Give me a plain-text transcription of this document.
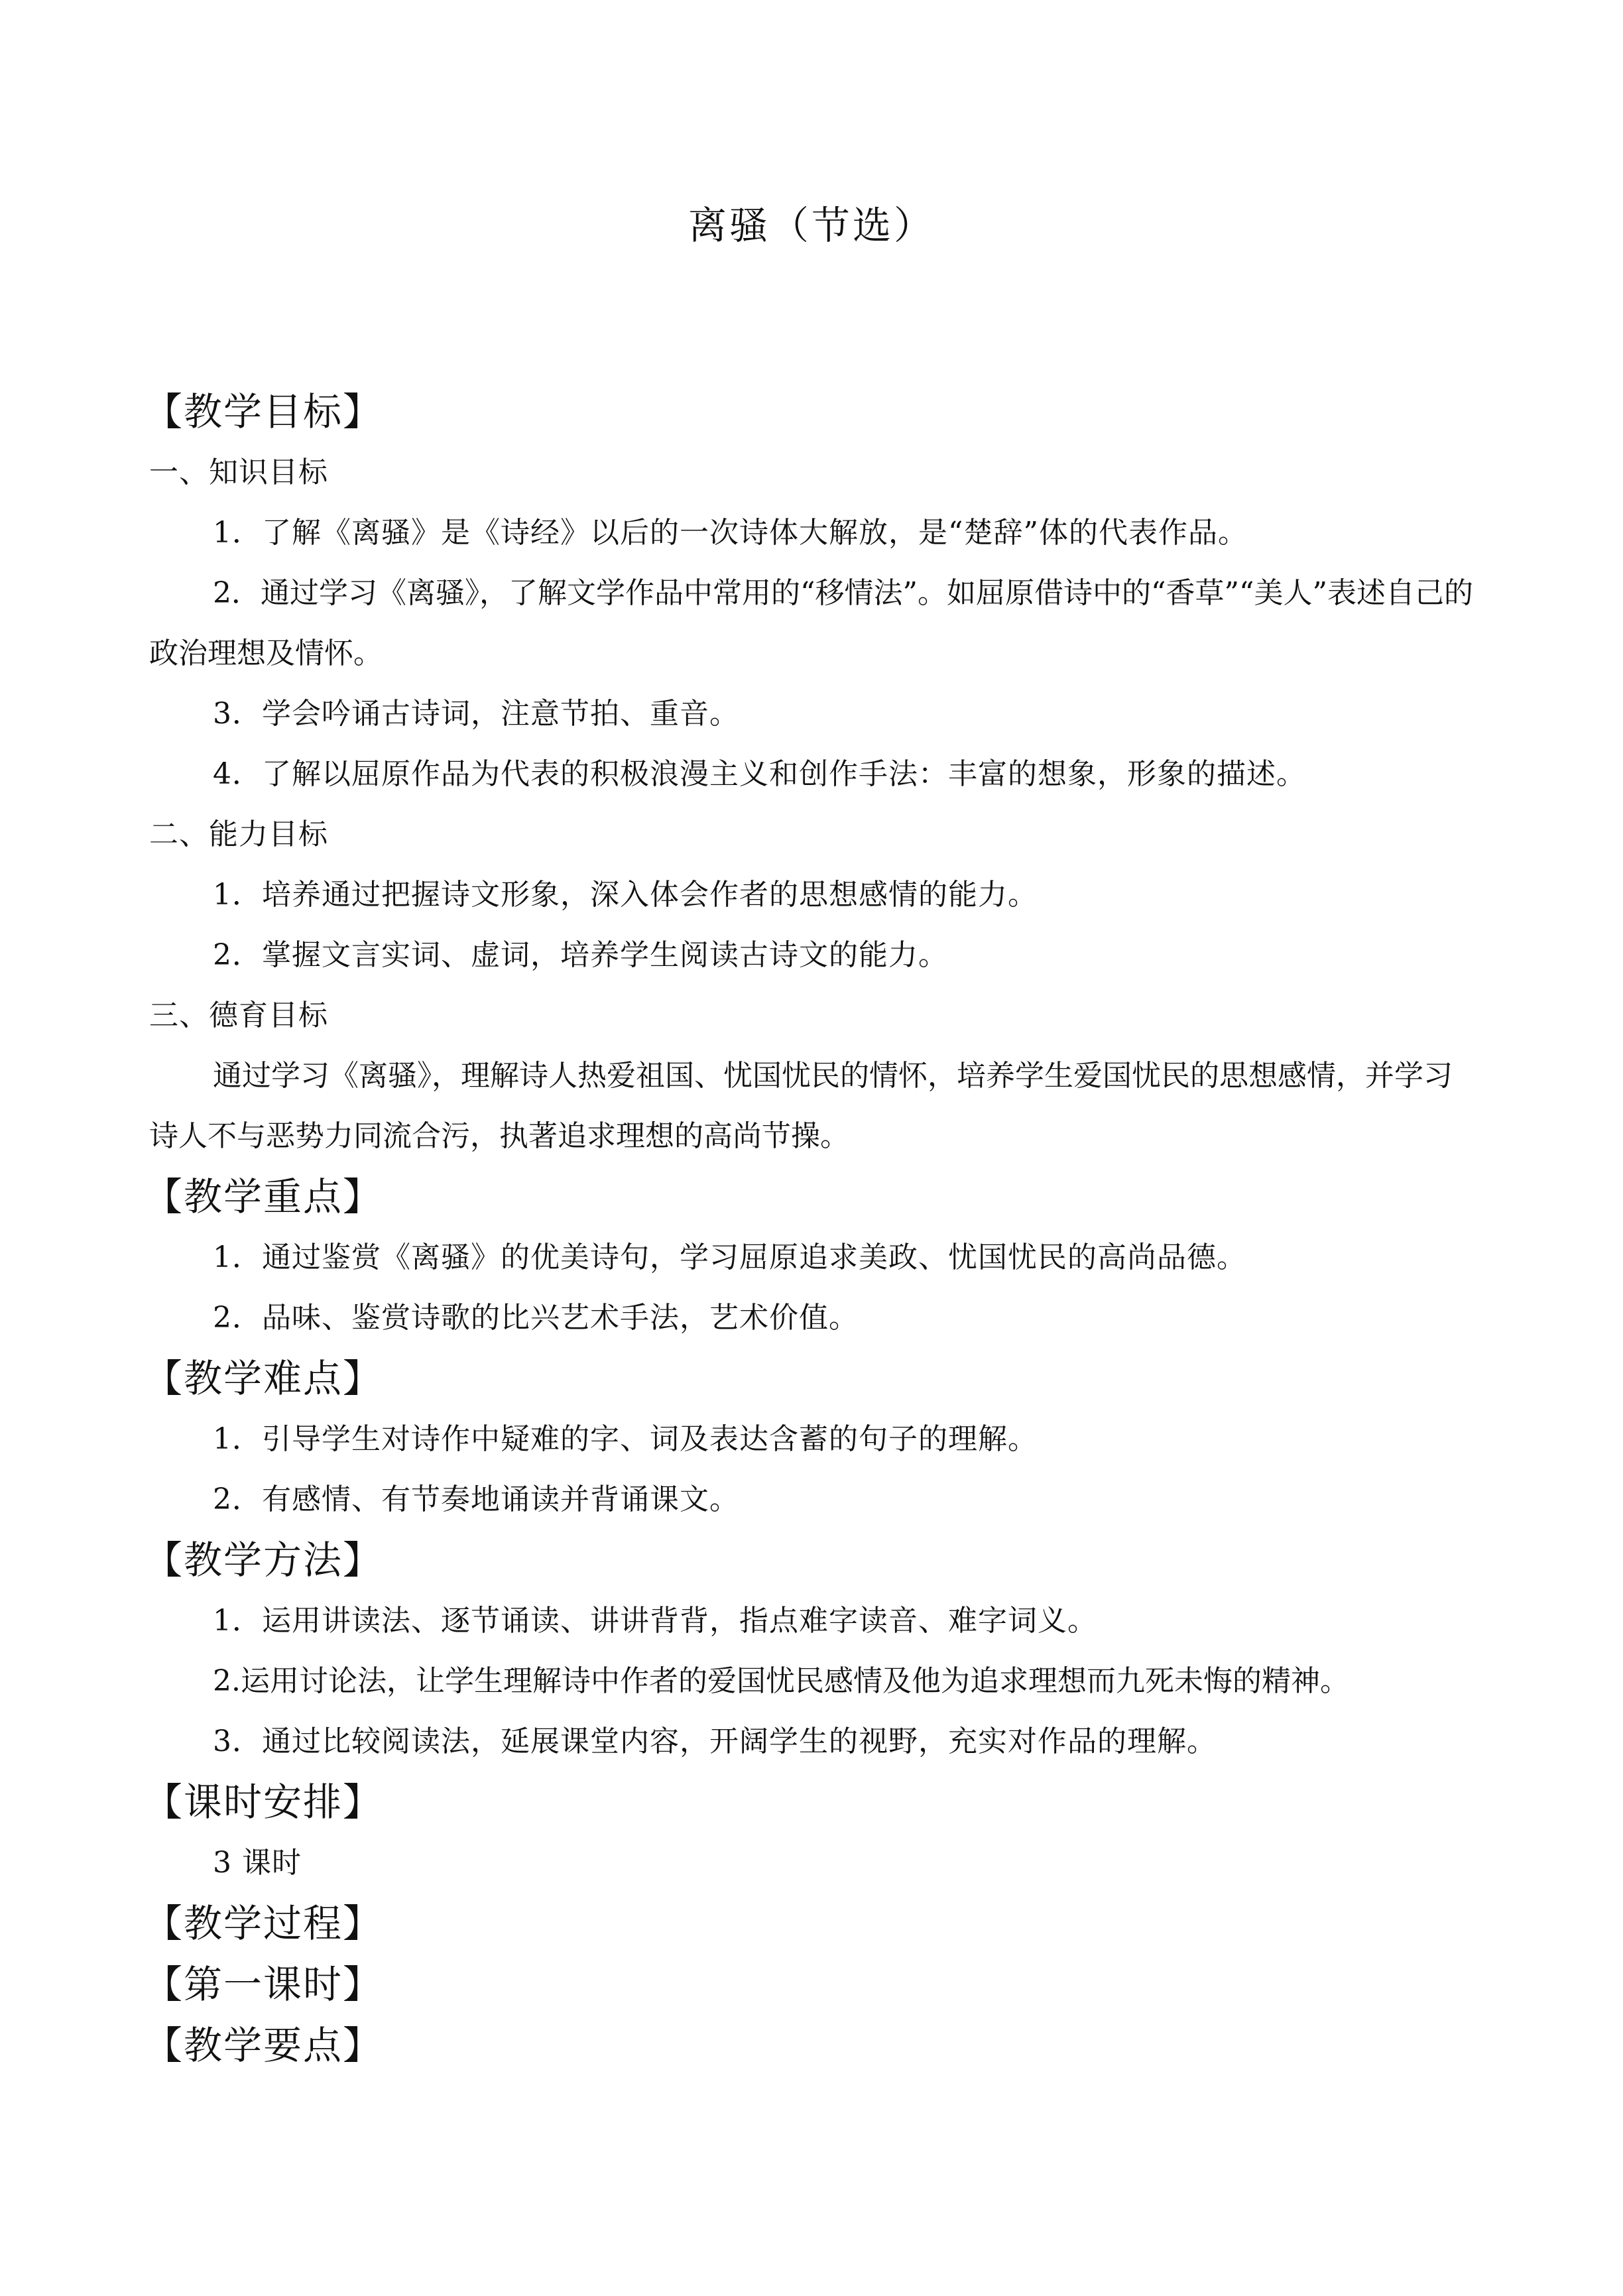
离骚（节选）
【教学目标】
一、知识目标
1．了解《离骚》是《诗经》以后的一次诗体大解放，是“楚辞”体的代表作品。
2．通过学习《离骚》，了解文学作品中常用的“移情法”。如屈原借诗中的“香草”“美人”表述自己的政治理想及情怀。
3．学会吟诵古诗词，注意节拍、重音。
4．了解以屈原作品为代表的积极浪漫主义和创作手法：丰富的想象，形象的描述。
二、能力目标
1．培养通过把握诗文形象，深入体会作者的思想感情的能力。
2．掌握文言实词、虚词，培养学生阅读古诗文的能力。
三、德育目标
通过学习《离骚》，理解诗人热爱祖国、忧国忧民的情怀，培养学生爱国忧民的思想感情，并学习诗人不与恶势力同流合污，执著追求理想的高尚节操。
【教学重点】
1．通过鉴赏《离骚》的优美诗句，学习屈原追求美政、忧国忧民的高尚品德。
2．品味、鉴赏诗歌的比兴艺术手法，艺术价值。
【教学难点】
1．引导学生对诗作中疑难的字、词及表达含蓄的句子的理解。
2．有感情、有节奏地诵读并背诵课文。
【教学方法】
1．运用讲读法、逐节诵读、讲讲背背，指点难字读音、难字词义。
2.运用讨论法，让学生理解诗中作者的爱国忧民感情及他为追求理想而九死未悔的精神。
3．通过比较阅读法，延展课堂内容，开阔学生的视野，充实对作品的理解。
【课时安排】
3 课时
【教学过程】
【第一课时】
【教学要点】
